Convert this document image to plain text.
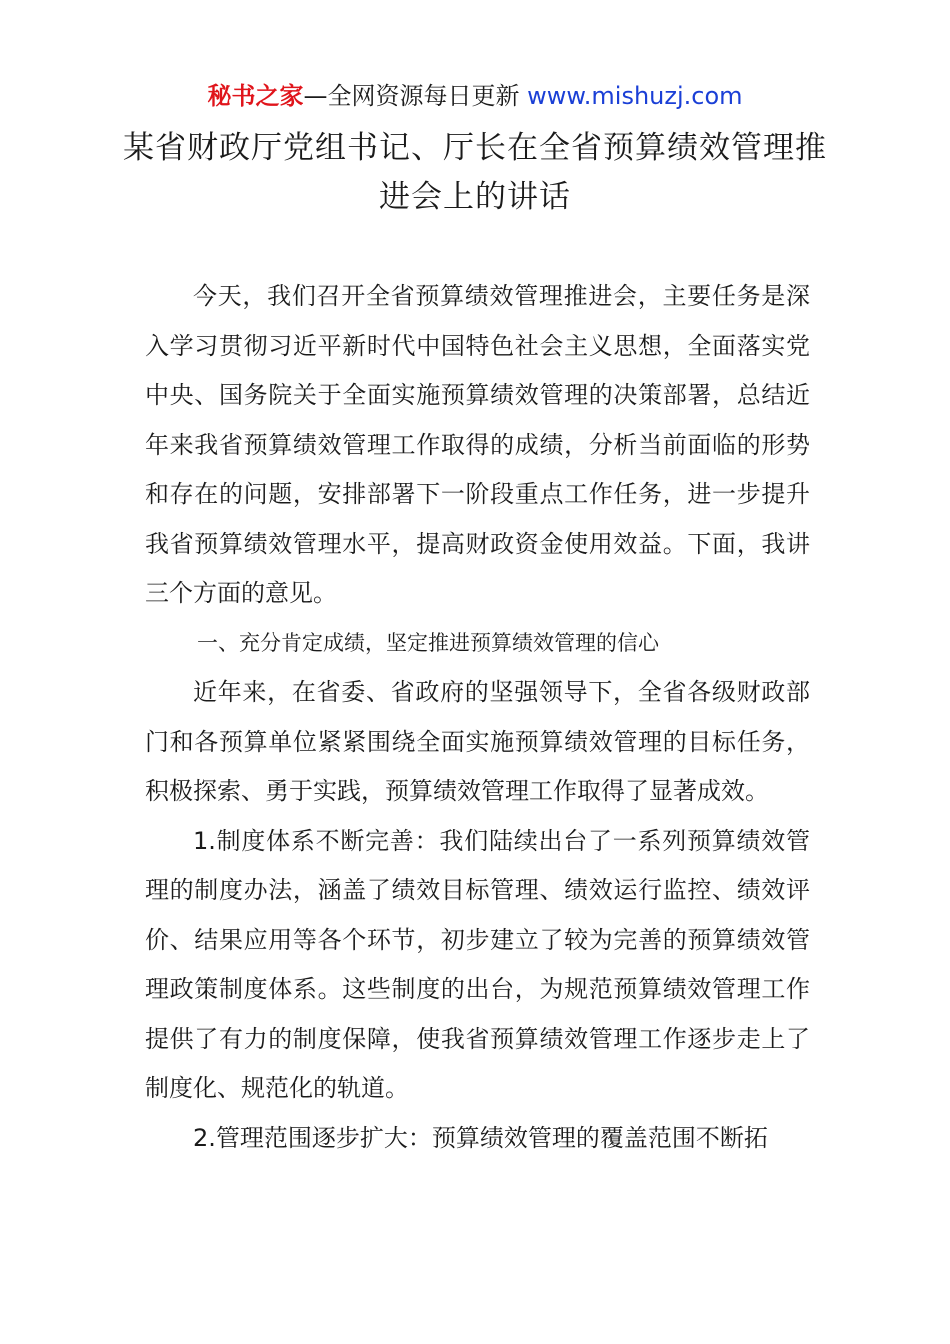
秘书之家—全网资源每日更新 www.mishuzj.com
某省财政厅党组书记、厅长在全省预算绩效管理推进会上的讲话

今天，我们召开全省预算绩效管理推进会，主要任务是深入学习贯彻习近平新时代中国特色社会主义思想，全面落实党中央、国务院关于全面实施预算绩效管理的决策部署，总结近年来我省预算绩效管理工作取得的成绩，分析当前面临的形势和存在的问题，安排部署下一阶段重点工作任务，进一步提升我省预算绩效管理水平，提高财政资金使用效益。下面，我讲三个方面的意见。

一、充分肯定成绩，坚定推进预算绩效管理的信心

近年来，在省委、省政府的坚强领导下，全省各级财政部门和各预算单位紧紧围绕全面实施预算绩效管理的目标任务，积极探索、勇于实践，预算绩效管理工作取得了显著成效。

1.制度体系不断完善：我们陆续出台了一系列预算绩效管理的制度办法，涵盖了绩效目标管理、绩效运行监控、绩效评价、结果应用等各个环节，初步建立了较为完善的预算绩效管理政策制度体系。这些制度的出台，为规范预算绩效管理工作提供了有力的制度保障，使我省预算绩效管理工作逐步走上了制度化、规范化的轨道。

2.管理范围逐步扩大：预算绩效管理的覆盖范围不断拓
